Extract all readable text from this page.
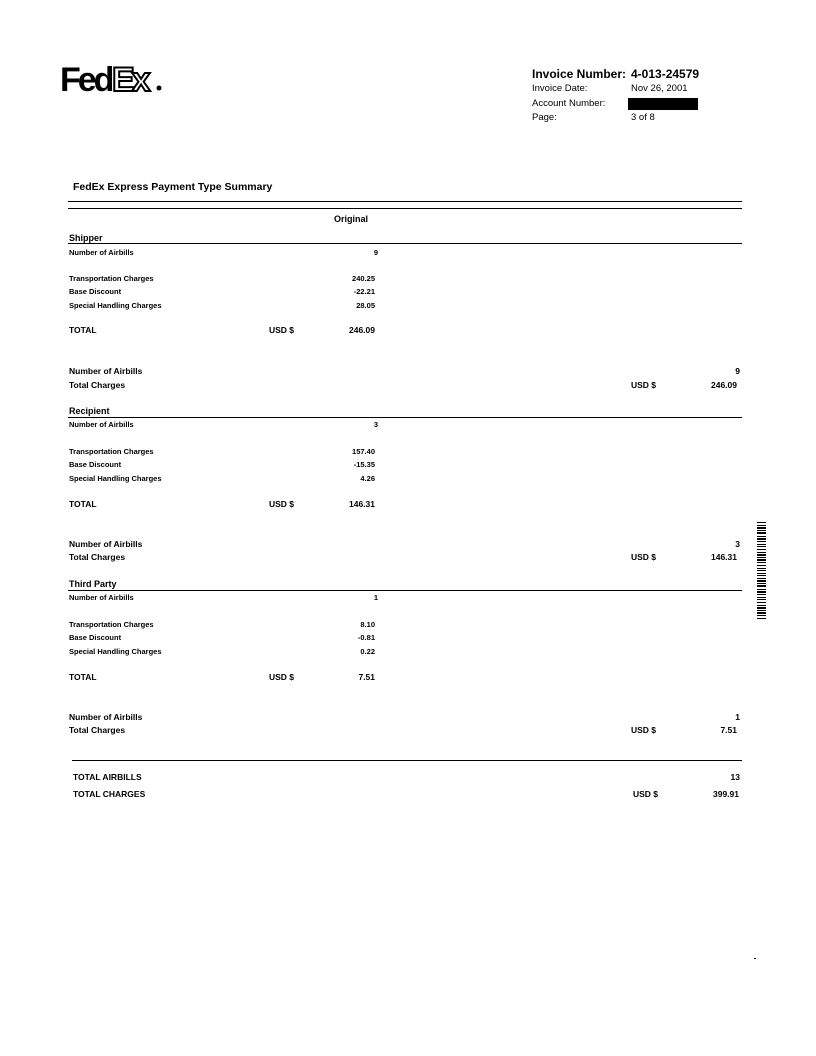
Fed Ex	Invoice Number: 4-013-24579
Invoice Date:	Nov 26, 2001
Account Number:
Page:	3 of 8
FedEx Express Payment Type Summary
Original
Shipper
Number of Airbills	9
Transportation Charges	240.25
Base Discount	-22.21
Special Handling Charges	28.05
TOTAL	USD $	246.09
Number of Airbills	9
Total Charges	USD $	246.09
Recipient
Number of Airbills	3
Transportation Charges	157.40
Base Discount	-15.35
Special Handling Charges	4.26
TOTAL	USD $	146.31
Number of Airbills	3
Total Charges	USD $	146.31
Third Party
Number of Airbills	1
Transportation Charges	8.10
Base Discount	-0.81
Special Handling Charges	0.22
TOTAL	USD $	7.51
Number of Airbills	1
Total Charges	USD $	7.51
TOTAL AIRBILLS	13
TOTAL CHARGES	USD $	399.91
